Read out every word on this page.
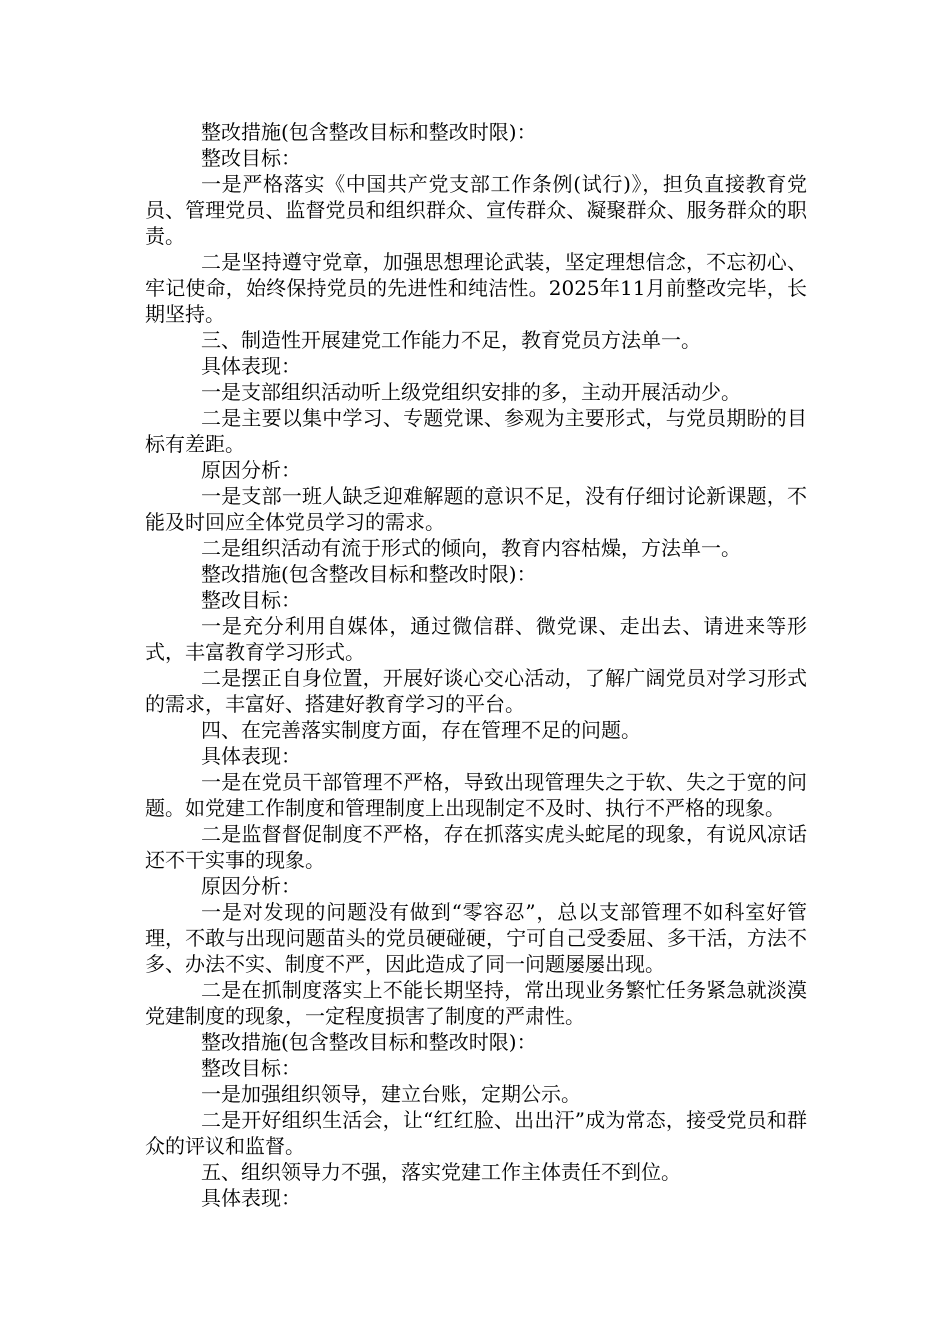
整改措施(包含整改目标和整改时限)：

整改目标：

一是严格落实《中国共产党支部工作条例(试行)》，担负直接教育党员、管理党员、监督党员和组织群众、宣传群众、凝聚群众、服务群众的职责。

二是坚持遵守党章，加强思想理论武装，坚定理想信念，不忘初心、牢记使命，始终保持党员的先进性和纯洁性。2025年11月前整改完毕，长期坚持。

三、制造性开展建党工作能力不足，教育党员方法单一。

具体表现：

一是支部组织活动听上级党组织安排的多，主动开展活动少。

二是主要以集中学习、专题党课、参观为主要形式，与党员期盼的目标有差距。

原因分析：

一是支部一班人缺乏迎难解题的意识不足，没有仔细讨论新课题，不能及时回应全体党员学习的需求。

二是组织活动有流于形式的倾向，教育内容枯燥，方法单一。

整改措施(包含整改目标和整改时限)：

整改目标：

一是充分利用自媒体，通过微信群、微党课、走出去、请进来等形式，丰富教育学习形式。

二是摆正自身位置，开展好谈心交心活动，了解广阔党员对学习形式的需求，丰富好、搭建好教育学习的平台。

四、在完善落实制度方面，存在管理不足的问题。

具体表现：

一是在党员干部管理不严格，导致出现管理失之于软、失之于宽的问题。如党建工作制度和管理制度上出现制定不及时、执行不严格的现象。

二是监督督促制度不严格，存在抓落实虎头蛇尾的现象，有说风凉话还不干实事的现象。

原因分析：

一是对发现的问题没有做到“零容忍”，总以支部管理不如科室好管理，不敢与出现问题苗头的党员硬碰硬，宁可自己受委屈、多干活，方法不多、办法不实、制度不严，因此造成了同一问题屡屡出现。

二是在抓制度落实上不能长期坚持，常出现业务繁忙任务紧急就淡漠党建制度的现象，一定程度损害了制度的严肃性。

整改措施(包含整改目标和整改时限)：

整改目标：

一是加强组织领导，建立台账，定期公示。

二是开好组织生活会，让“红红脸、出出汗”成为常态，接受党员和群众的评议和监督。

五、组织领导力不强，落实党建工作主体责任不到位。

具体表现：
